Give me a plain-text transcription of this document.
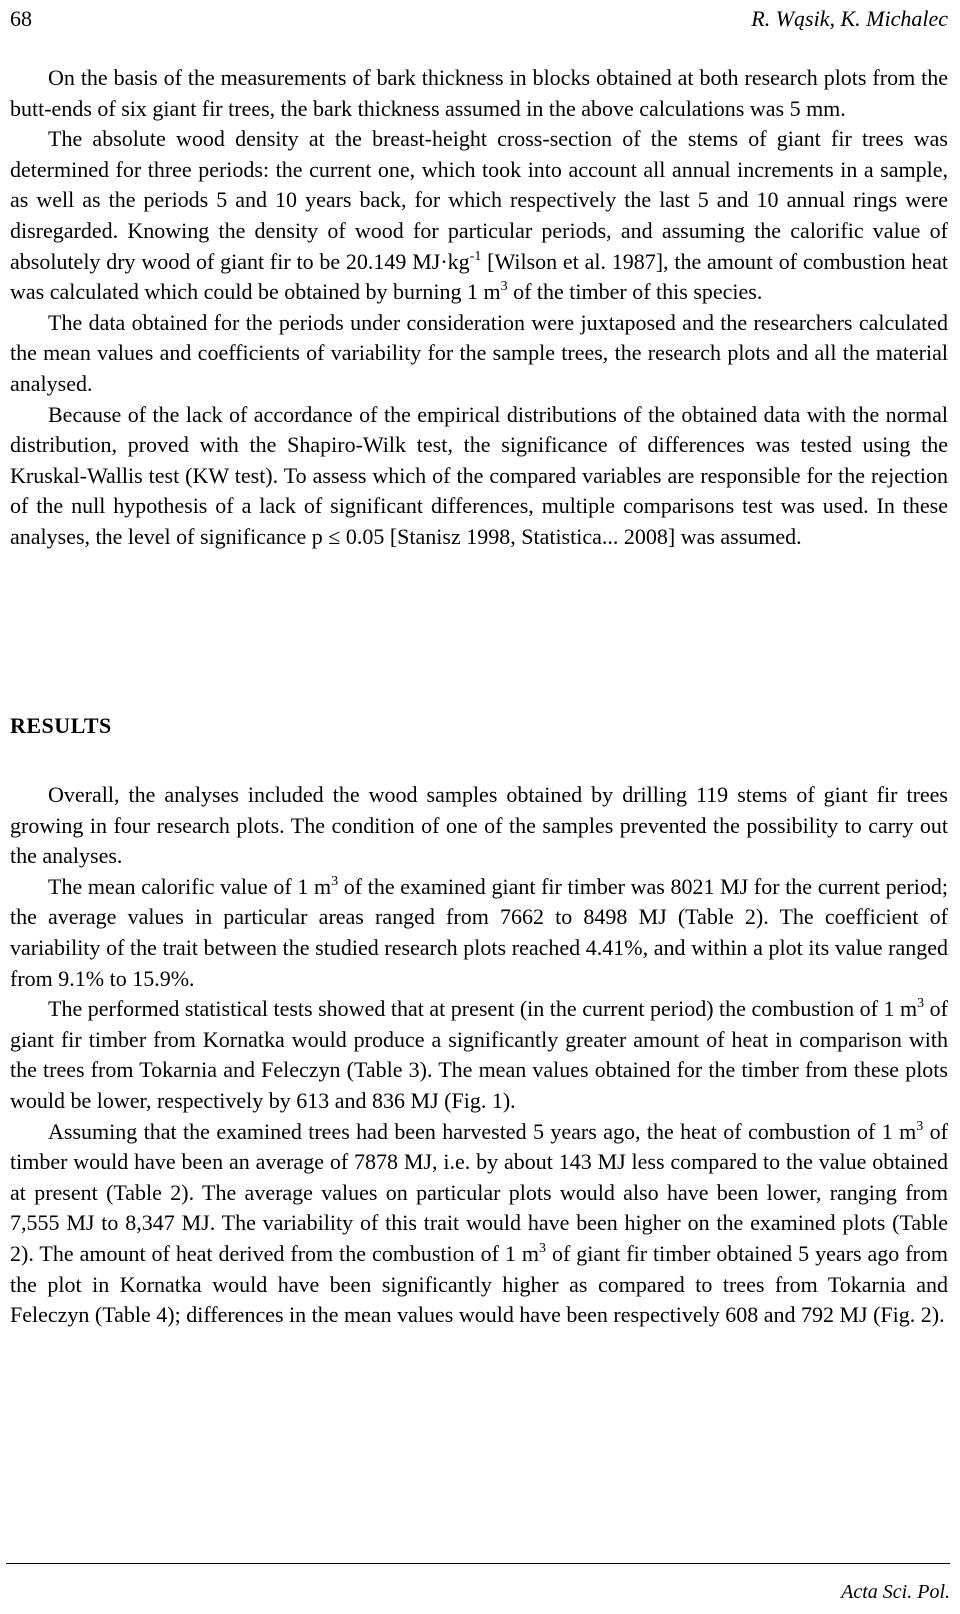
68	R. Wąsik, K. Michalec

On the basis of the measurements of bark thickness in blocks obtained at both research plots from the butt-ends of six giant fir trees, the bark thickness assumed in the above calculations was 5 mm.

The absolute wood density at the breast-height cross-section of the stems of giant fir trees was determined for three periods: the current one, which took into account all annual increments in a sample, as well as the periods 5 and 10 years back, for which respectively the last 5 and 10 annual rings were disregarded. Knowing the density of wood for particular periods, and assuming the calorific value of absolutely dry wood of giant fir to be 20.149 $MJ\cdot kg^{-1}$ [Wilson et al. 1987], the amount of combustion heat was calculated which could be obtained by burning 1 $m^3$ of the timber of this species.

The data obtained for the periods under consideration were juxtaposed and the researchers calculated the mean values and coefficients of variability for the sample trees, the research plots and all the material analysed.

Because of the lack of accordance of the empirical distributions of the obtained data with the normal distribution, proved with the Shapiro-Wilk test, the significance of differences was tested using the Kruskal-Wallis test (KW test). To assess which of the compared variables are responsible for the rejection of the null hypothesis of a lack of significant differences, multiple comparisons test was used. In these analyses, the level of significance p ≤ 0.05 [Stanisz 1998, Statistica... 2008] was assumed.

RESULTS

Overall, the analyses included the wood samples obtained by drilling 119 stems of giant fir trees growing in four research plots. The condition of one of the samples prevented the possibility to carry out the analyses.

The mean calorific value of 1 $m^3$ of the examined giant fir timber was 8021 MJ for the current period; the average values in particular areas ranged from 7662 to 8498 MJ (Table 2). The coefficient of variability of the trait between the studied research plots reached 4.41%, and within a plot its value ranged from 9.1% to 15.9%.

The performed statistical tests showed that at present (in the current period) the combustion of 1 $m^3$ of giant fir timber from Kornatka would produce a significantly greater amount of heat in comparison with the trees from Tokarnia and Feleczyn (Table 3). The mean values obtained for the timber from these plots would be lower, respectively by 613 and 836 MJ (Fig. 1).

Assuming that the examined trees had been harvested 5 years ago, the heat of combustion of 1 $m^3$ of timber would have been an average of 7878 MJ, i.e. by about 143 MJ less compared to the value obtained at present (Table 2). The average values on particular plots would also have been lower, ranging from 7,555 MJ to 8,347 MJ. The variability of this trait would have been higher on the examined plots (Table 2). The amount of heat derived from the combustion of 1 $m^3$ of giant fir timber obtained 5 years ago from the plot in Kornatka would have been significantly higher as compared to trees from Tokarnia and Feleczyn (Table 4); differences in the mean values would have been respectively 608 and 792 MJ (Fig. 2).

Acta Sci. Pol.
